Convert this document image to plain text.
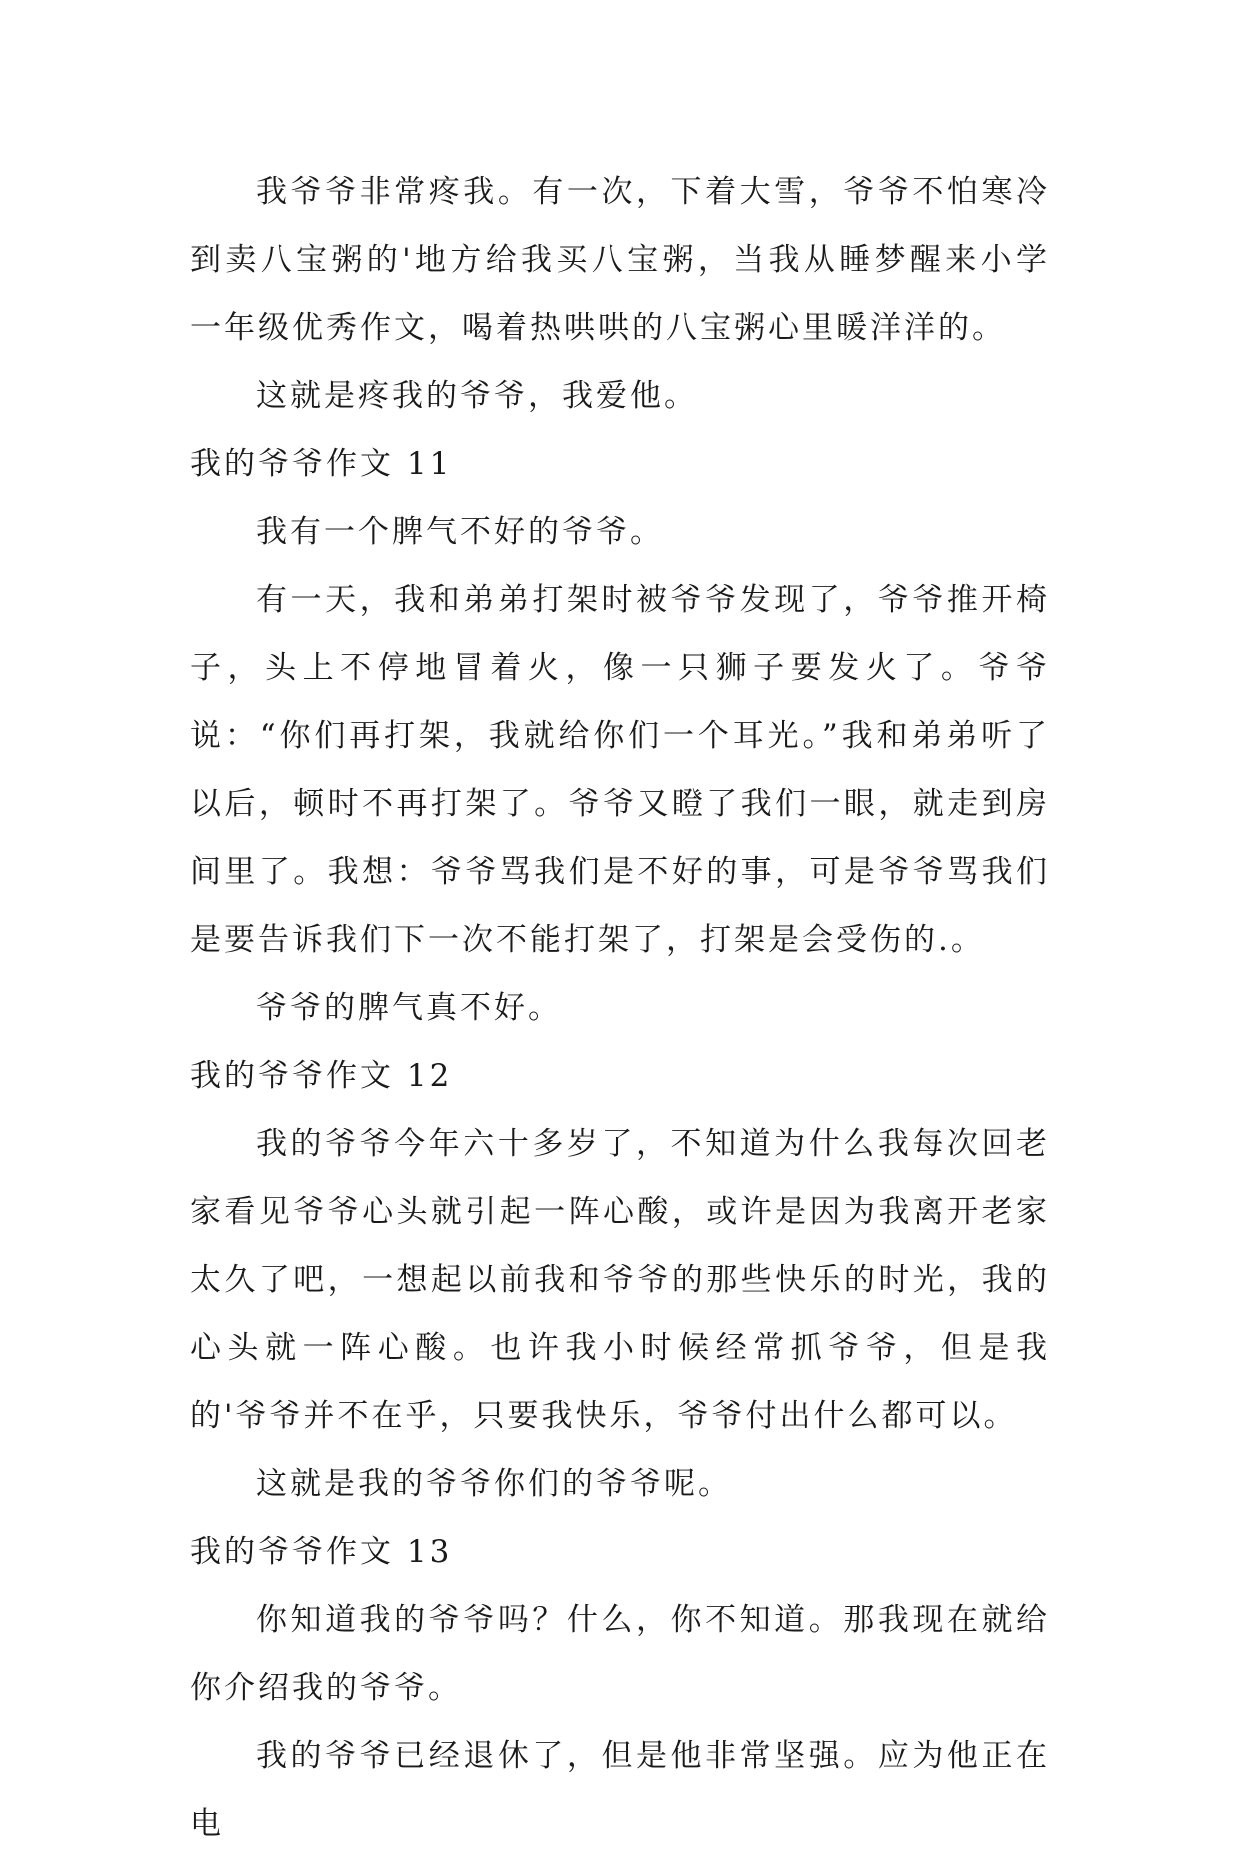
我爷爷非常疼我。有一次，下着大雪，爷爷不怕寒冷到卖八宝粥的'地方给我买八宝粥，当我从睡梦醒来小学一年级优秀作文，喝着热哄哄的八宝粥心里暖洋洋的。

这就是疼我的爷爷，我爱他。

我的爷爷作文 11

我有一个脾气不好的爷爷。

有一天，我和弟弟打架时被爷爷发现了，爷爷推开椅子，头上不停地冒着火，像一只狮子要发火了。爷爷说：“你们再打架，我就给你们一个耳光。”我和弟弟听了以后，顿时不再打架了。爷爷又瞪了我们一眼，就走到房间里了。我想：爷爷骂我们是不好的事，可是爷爷骂我们是要告诉我们下一次不能打架了，打架是会受伤的.。

爷爷的脾气真不好。

我的爷爷作文 12

我的爷爷今年六十多岁了，不知道为什么我每次回老家看见爷爷心头就引起一阵心酸，或许是因为我离开老家太久了吧，一想起以前我和爷爷的那些快乐的时光，我的心头就一阵心酸。也许我小时候经常抓爷爷，但是我的'爷爷并不在乎，只要我快乐，爷爷付出什么都可以。

这就是我的爷爷你们的爷爷呢。

我的爷爷作文 13

你知道我的爷爷吗？什么，你不知道。那我现在就给你介绍我的爷爷。

我的爷爷已经退休了，但是他非常坚强。应为他正在电
